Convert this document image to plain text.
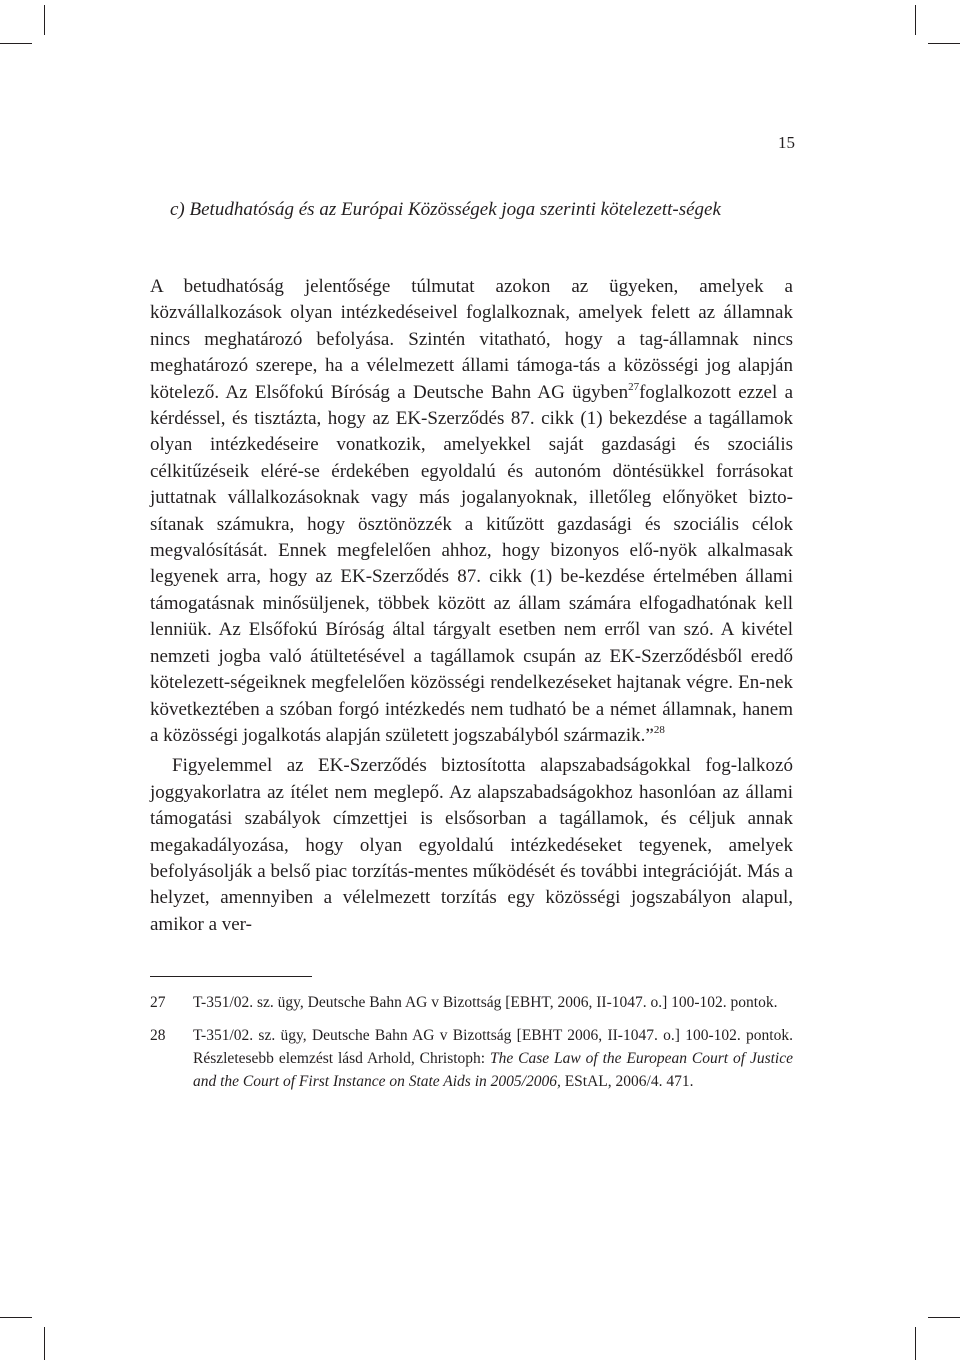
15
c) Betudhatóság és az Európai Közösségek joga szerinti kötelezett-ségek

A betudhatóság jelentősége túlmutat azokon az ügyeken, amelyek a közvállalkozások olyan intézkedéseivel foglalkoznak, amelyek felett az államnak nincs meghatározó befolyása. Szintén vitatható, hogy a tag-államnak nincs meghatározó szerepe, ha a vélelmezett állami támoga-tás a közösségi jog alapján kötelező. Az Elsőfokú Bíróság a Deutsche Bahn AG ügyben$^{27}$foglalkozott ezzel a kérdéssel, és tisztázta, hogy az EK-Szerződés 87. cikk (1) bekezdése a tagállamok olyan intézkedéseire vonatkozik, amelyekkel saját gazdasági és szociális célkitűzéseik eléré-se érdekében egyoldalú és autonóm döntésükkel forrásokat juttatnak vállalkozásoknak vagy más jogalanyoknak, illetőleg előnyöket bizto-sítanak számukra, hogy ösztönözzék a kitűzött gazdasági és szociális célok megvalósítását. Ennek megfelelően ahhoz, hogy bizonyos elő-nyök alkalmasak legyenek arra, hogy az EK-Szerződés 87. cikk (1) be-kezdése értelmében állami támogatásnak minősüljenek, többek között az állam számára elfogadhatónak kell lenniük. Az Elsőfokú Bíróság által tárgyalt esetben nem erről van szó. A kivétel nemzeti jogba való átültetésével a tagállamok csupán az EK-Szerződésből eredő kötelezett-ségeiknek megfelelően közösségi rendelkezéseket hajtanak végre. En-nek következtében a szóban forgó intézkedés nem tudható be a német államnak, hanem a közösségi jogalkotás alapján született jogszabályból származik.”$^{28}$

Figyelemmel az EK-Szerződés biztosította alapszabadságokkal fog-lalkozó joggyakorlatra az ítélet nem meglepő. Az alapszabadságokhoz hasonlóan az állami támogatási szabályok címzettjei is elsősorban a tagállamok, és céljuk annak megakadályozása, hogy olyan egyoldalú intézkedéseket tegyenek, amelyek befolyásolják a belső piac torzítás-mentes működését és további integrációját. Más a helyzet, amennyiben a vélelmezett torzítás egy közösségi jogszabályon alapul, amikor a ver-

27	T-351/02. sz. ügy, Deutsche Bahn AG v Bizottság [EBHT, 2006, II-1047. o.] 100-102. pontok.
28	T-351/02. sz. ügy, Deutsche Bahn AG v Bizottság [EBHT 2006, II-1047. o.] 100-102. pontok. Részletesebb elemzést lásd Arhold, Christoph: The Case Law of the European Court of Justice and the Court of First Instance on State Aids in 2005/2006, EStAL, 2006/4. 471.
